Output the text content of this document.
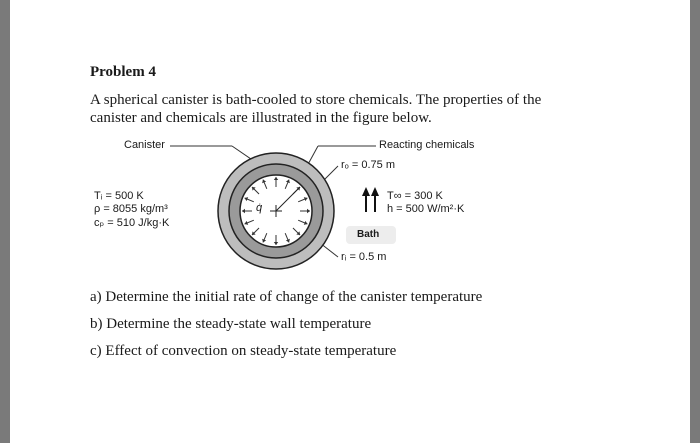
Problem 4
A spherical canister is bath-cooled to store chemicals. The properties of the
canister and chemicals are illustrated in the figure below.
Canister	Reacting chemicals
rₒ = 0.75 m
Tᵢ = 500 K
ρ = 8055 kg/m³
cₚ = 510 J/kg·K
T∞ = 300 K
h = 500 W/m²·K
Bath
rᵢ = 0.5 m
q̇
a) Determine the initial rate of change of the canister temperature
b) Determine the steady-state wall temperature
c) Effect of convection on steady-state temperature
